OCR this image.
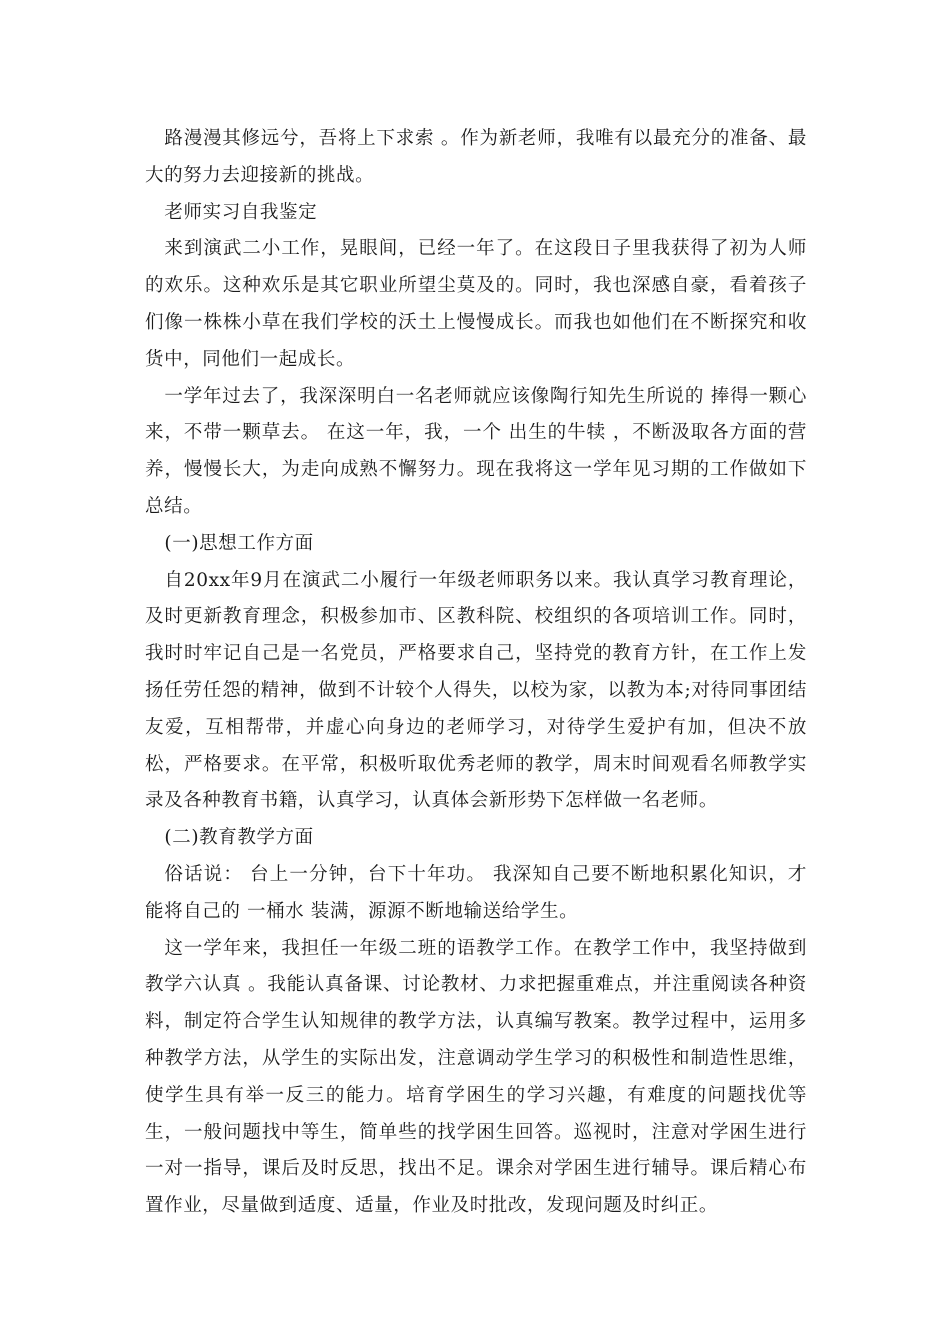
路漫漫其修远兮，吾将上下求索 。作为新老师，我唯有以最充分的准备、最大的努力去迎接新的挑战。

老师实习自我鉴定

来到演武二小工作，晃眼间，已经一年了。在这段日子里我获得了初为人师的欢乐。这种欢乐是其它职业所望尘莫及的。同时，我也深感自豪，看着孩子们像一株株小草在我们学校的沃土上慢慢成长。而我也如他们在不断探究和收货中，同他们一起成长。

一学年过去了，我深深明白一名老师就应该像陶行知先生所说的 捧得一颗心来，不带一颗草去。 在这一年，我，一个 出生的牛犊 ，不断汲取各方面的营养，慢慢长大，为走向成熟不懈努力。现在我将这一学年见习期的工作做如下总结。

(一)思想工作方面

自20xx年9月在演武二小履行一年级老师职务以来。我认真学习教育理论，及时更新教育理念，积极参加市、区教科院、校组织的各项培训工作。同时，我时时牢记自己是一名党员，严格要求自己，坚持党的教育方针，在工作上发扬任劳任怨的精神，做到不计较个人得失，以校为家，以教为本;对待同事团结友爱，互相帮带，并虚心向身边的老师学习，对待学生爱护有加，但决不放松，严格要求。在平常，积极听取优秀老师的教学，周末时间观看名师教学实录及各种教育书籍，认真学习，认真体会新形势下怎样做一名老师。

(二)教育教学方面

俗话说： 台上一分钟，台下十年功。 我深知自己要不断地积累化知识，才能将自己的 一桶水 装满，源源不断地输送给学生。

这一学年来，我担任一年级二班的语教学工作。在教学工作中，我坚持做到 教学六认真 。我能认真备课、讨论教材、力求把握重难点，并注重阅读各种资料，制定符合学生认知规律的教学方法，认真编写教案。教学过程中，运用多种教学方法，从学生的实际出发，注意调动学生学习的积极性和制造性思维，使学生具有举一反三的能力。培育学困生的学习兴趣，有难度的问题找优等生，一般问题找中等生，简单些的找学困生回答。巡视时，注意对学困生进行一对一指导，课后及时反思，找出不足。课余对学困生进行辅导。课后精心布置作业，尽量做到适度、适量，作业及时批改，发现问题及时纠正。
